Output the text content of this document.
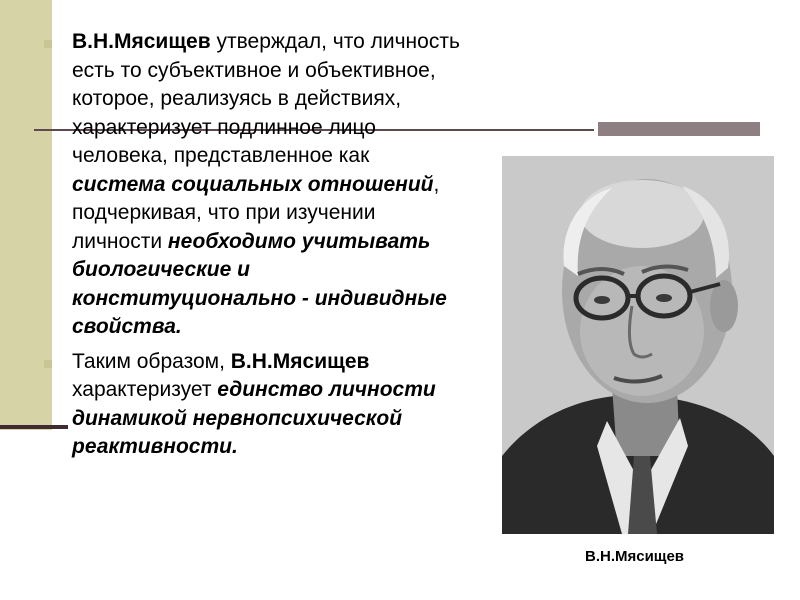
В.Н.Мясищев утверждал, что личность есть то субъективное и объективное, которое, реализуясь в действиях, характеризует подлинное лицо человека, представленное как система социальных отношений, подчеркивая, что при изучении личности необходимо учитывать биологические и конституционально - индивидные свойства.

Таким образом, В.Н.Мясищев характеризует единство личности динамикой нервнопсихической реактивности.

В.Н.Мясищев
